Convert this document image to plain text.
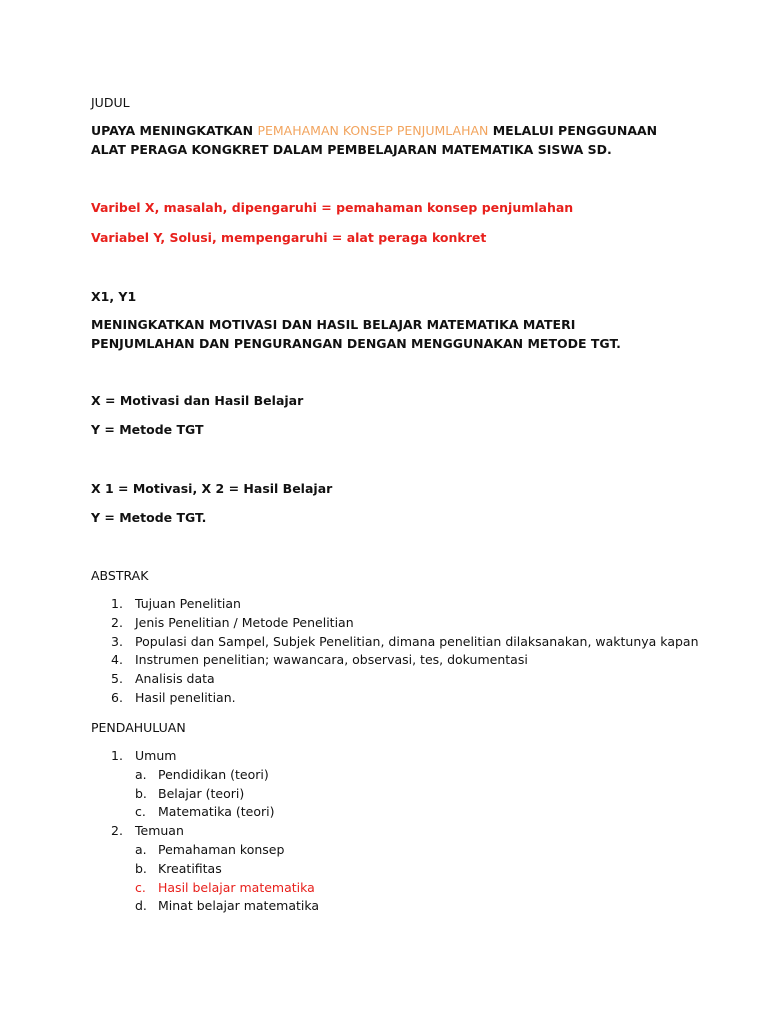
JUDUL
UPAYA MENINGKATKAN PEMAHAMAN KONSEP PENJUMLAHAN MELALUI PENGGUNAAN ALAT PERAGA KONGKRET DALAM PEMBELAJARAN MATEMATIKA SISWA SD.
Varibel X, masalah, dipengaruhi = pemahaman konsep penjumlahan
Variabel Y, Solusi, mempengaruhi = alat peraga konkret
X1, Y1
MENINGKATKAN MOTIVASI DAN HASIL BELAJAR MATEMATIKA MATERI PENJUMLAHAN DAN PENGURANGAN DENGAN MENGGUNAKAN METODE TGT.
X = Motivasi dan Hasil Belajar
Y = Metode TGT
X 1 = Motivasi, X 2 = Hasil Belajar
Y = Metode TGT.
ABSTRAK
1. Tujuan Penelitian
2. Jenis Penelitian / Metode Penelitian
3. Populasi dan Sampel, Subjek Penelitian, dimana penelitian dilaksanakan, waktunya kapan
4. Instrumen penelitian; wawancara, observasi, tes, dokumentasi
5. Analisis data
6. Hasil penelitian.
PENDAHULUAN
1. Umum
a. Pendidikan (teori)
b. Belajar (teori)
c. Matematika (teori)
2. Temuan
a. Pemahaman konsep
b. Kreatifitas
c. Hasil belajar matematika
d. Minat belajar matematika
